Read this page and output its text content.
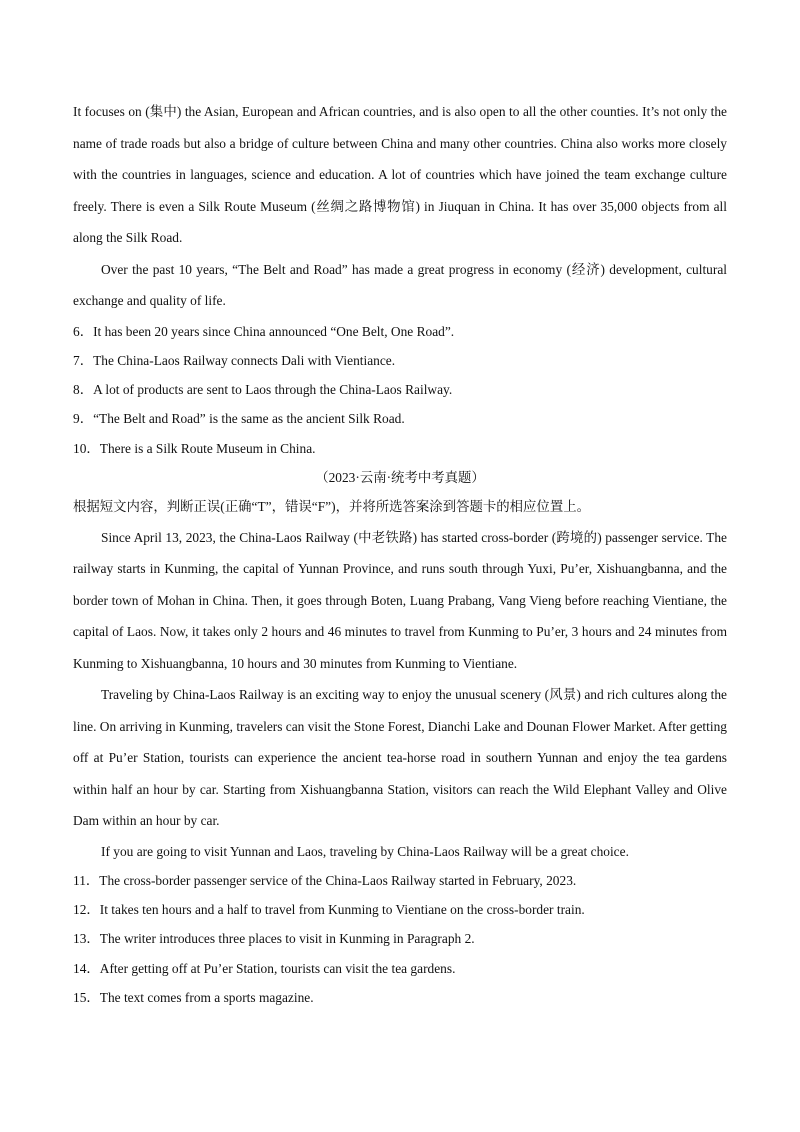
It focuses on (集中) the Asian, European and African countries, and is also open to all the other counties. It’s not only the name of trade roads but also a bridge of culture between China and many other countries. China also works more closely with the countries in languages, science and education. A lot of countries which have joined the team exchange culture freely. There is even a Silk Route Museum (丝绸之路博物馆) in Jiuquan in China. It has over 35,000 objects from all along the Silk Road.

Over the past 10 years, “The Belt and Road” has made a great progress in economy (经济) development, cultural exchange and quality of life.

6．It has been 20 years since China announced “One Belt, One Road”.

7．The China-Laos Railway connects Dali with Vientiance.

8．A lot of products are sent to Laos through the China-Laos Railway.

9．“The Belt and Road” is the same as the ancient Silk Road.

10．There is a Silk Route Museum in China.

（2023·云南·统考中考真题）

根据短文内容，判断正误(正确“T”，错误“F”)，并将所选答案涂到答题卡的相应位置上。

Since April 13, 2023, the China-Laos Railway (中老铁路) has started cross-border (跨境的) passenger service. The railway starts in Kunming, the capital of Yunnan Province, and runs south through Yuxi, Pu’er, Xishuangbanna, and the border town of Mohan in China. Then, it goes through Boten, Luang Prabang, Vang Vieng before reaching Vientiane, the capital of Laos. Now, it takes only 2 hours and 46 minutes to travel from Kunming to Pu’er, 3 hours and 24 minutes from Kunming to Xishuangbanna, 10 hours and 30 minutes from Kunming to Vientiane.

Traveling by China-Laos Railway is an exciting way to enjoy the unusual scenery (风景) and rich cultures along the line. On arriving in Kunming, travelers can visit the Stone Forest, Dianchi Lake and Dounan Flower Market. After getting off at Pu’er Station, tourists can experience the ancient tea-horse road in southern Yunnan and enjoy the tea gardens within half an hour by car. Starting from Xishuangbanna Station, visitors can reach the Wild Elephant Valley and Olive Dam within an hour by car.

If you are going to visit Yunnan and Laos, traveling by China-Laos Railway will be a great choice.

11．The cross-border passenger service of the China-Laos Railway started in February, 2023.

12．It takes ten hours and a half to travel from Kunming to Vientiane on the cross-border train.

13．The writer introduces three places to visit in Kunming in Paragraph 2.

14．After getting off at Pu’er Station, tourists can visit the tea gardens.

15．The text comes from a sports magazine.
